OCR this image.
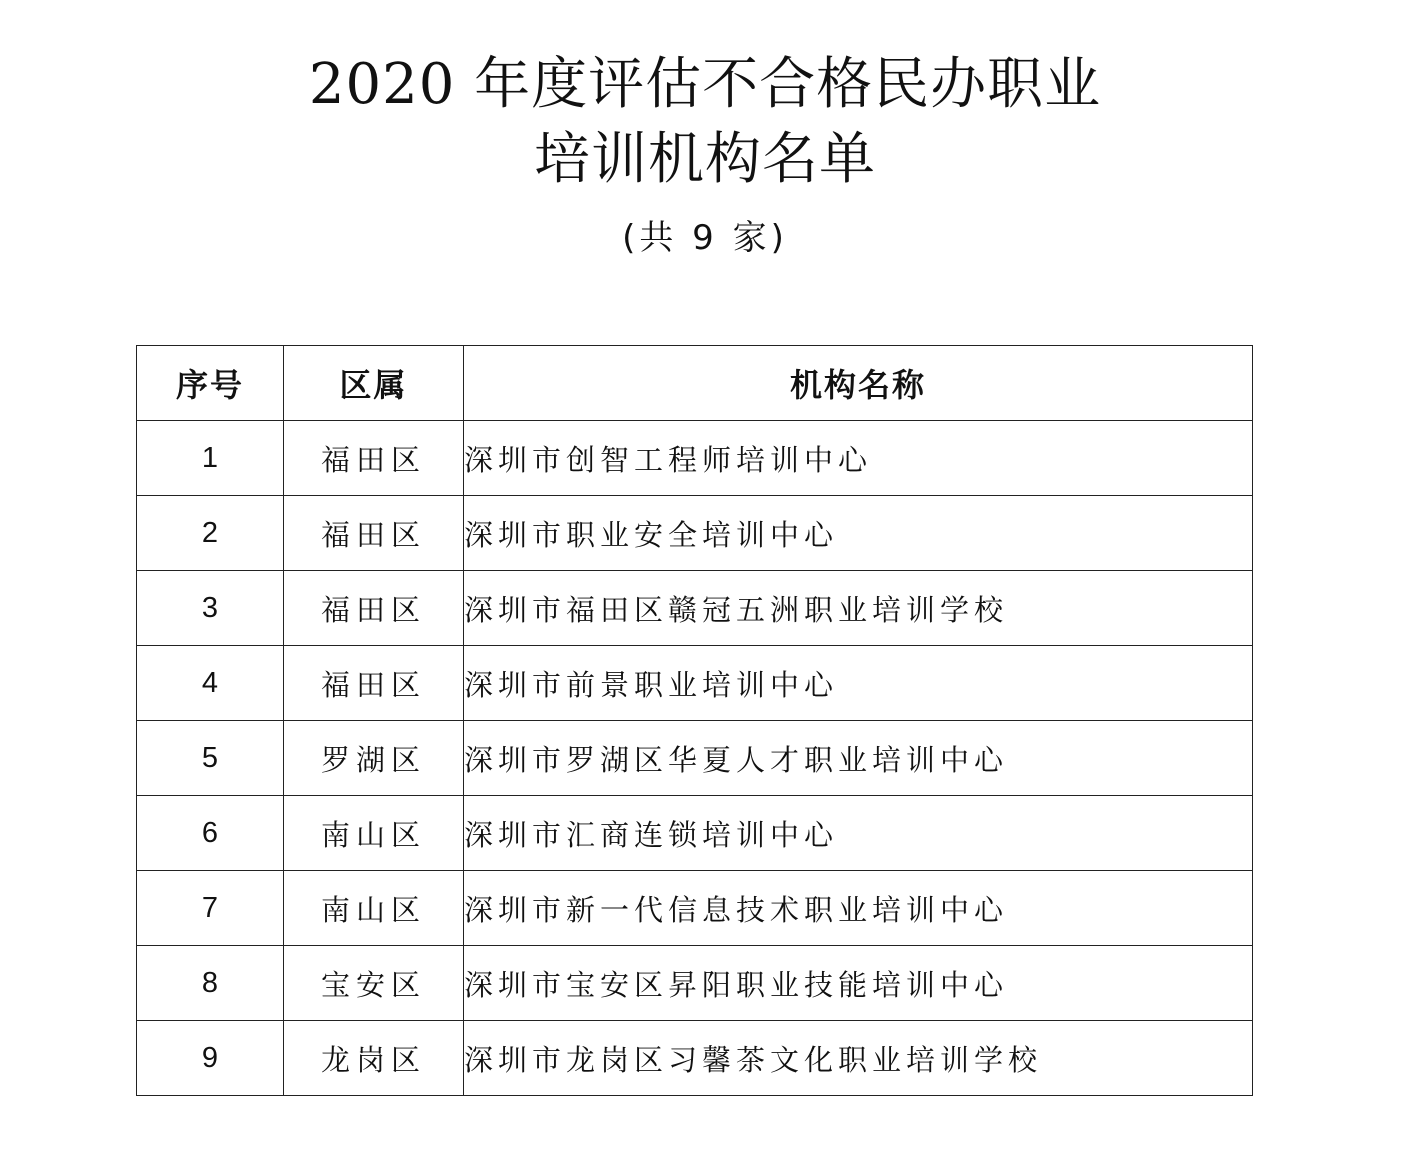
2020 年度评估不合格民办职业
培训机构名单

(共 9 家)

序号	区属	机构名称
1	福田区	深圳市创智工程师培训中心
2	福田区	深圳市职业安全培训中心
3	福田区	深圳市福田区赣冠五洲职业培训学校
4	福田区	深圳市前景职业培训中心
5	罗湖区	深圳市罗湖区华夏人才职业培训中心
6	南山区	深圳市汇商连锁培训中心
7	南山区	深圳市新一代信息技术职业培训中心
8	宝安区	深圳市宝安区昇阳职业技能培训中心
9	龙岗区	深圳市龙岗区习馨茶文化职业培训学校
